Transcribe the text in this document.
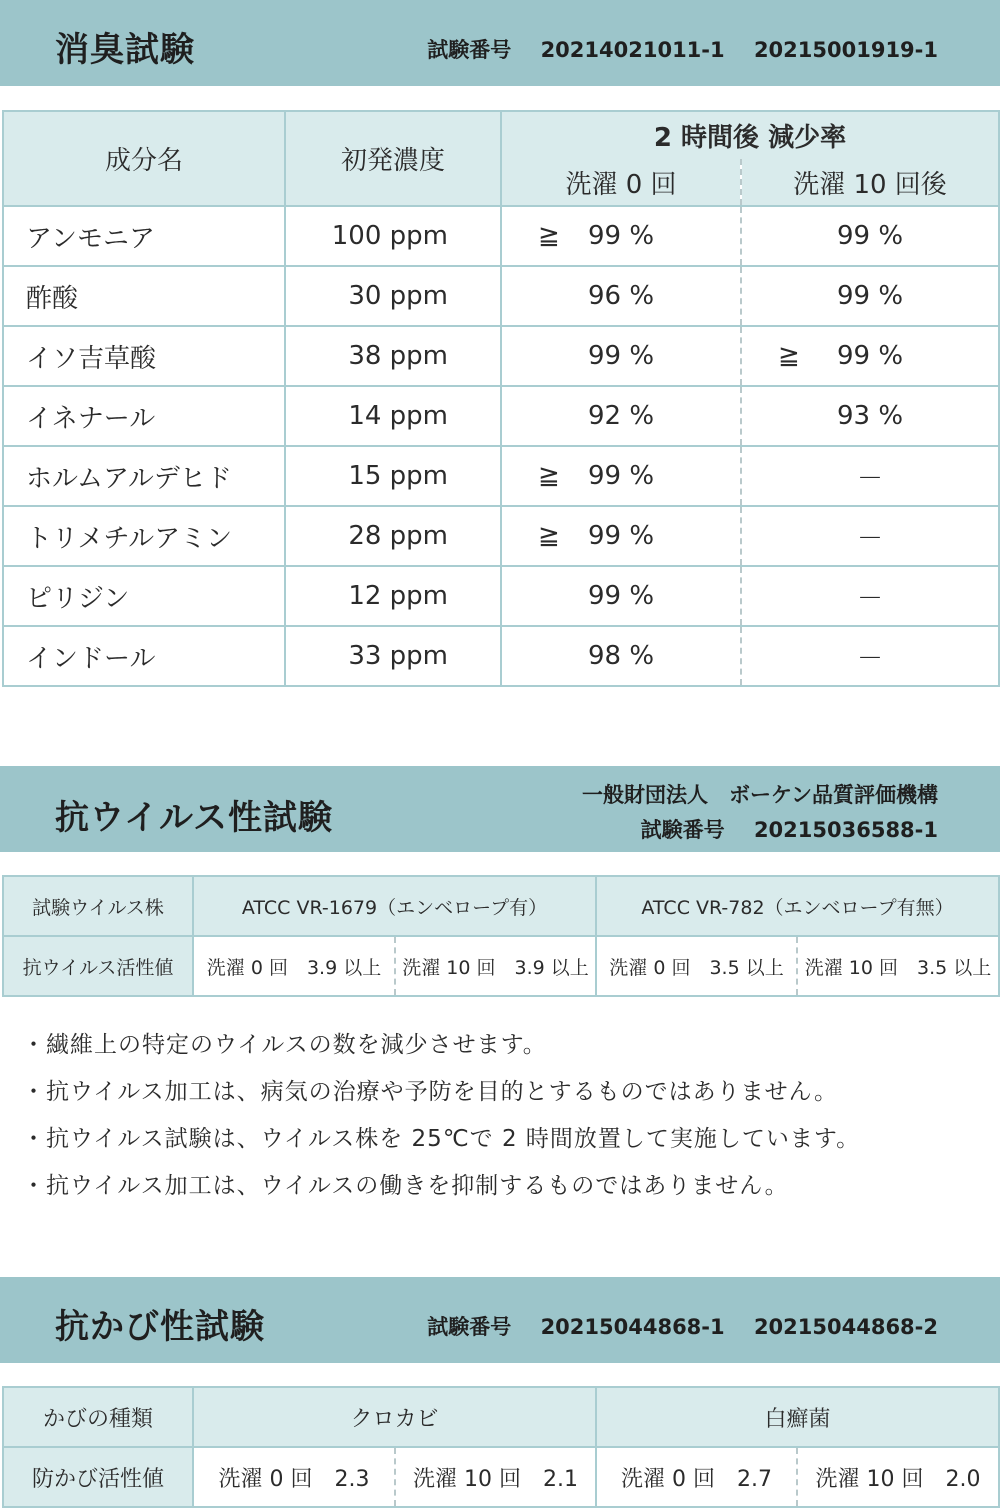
消臭試験	試験番号 20214021011-1 20215001919-1
成分名	初発濃度	2 時間後 減少率	
		洗濯 0 回	洗濯 10 回後
アンモニア	100 ppm	≧ 99 %	99 %
酢酸	30 ppm	96 %	99 %
イソ吉草酸	38 ppm	99 %	≧ 99 %
イネナール	14 ppm	92 %	93 %
ホルムアルデヒド	15 ppm	≧ 99 %	－
トリメチルアミン	28 ppm	≧ 99 %	－
ピリジン	12 ppm	99 %	－
インドール	33 ppm	98 %	－
抗ウイルス性試験
一般財団法人　ボーケン品質評価機構
試験番号 20215036588-1
試験ウイルス株	ATCC VR-1679（エンベロープ有）		ATCC VR-782（エンベロープ有無）	
抗ウイルス活性値	洗濯 0 回　3.9 以上	洗濯 10 回　3.9 以上	洗濯 0 回　3.5 以上	洗濯 10 回　3.5 以上
・ 繊維上の特定のウイルスの数を減少させます。
・ 抗ウイルス加工は、病気の治療や予防を目的とするものではありません。
・ 抗ウイルス試験は、ウイルス株を 25℃で 2 時間放置して実施しています。
・ 抗ウイルス加工は、ウイルスの働きを抑制するものではありません。
抗かび性試験	試験番号 20215044868-1 20215044868-2
かびの種類	クロカビ		白癬菌	
防かび活性値	洗濯 0 回　2.3	洗濯 10 回　2.1	洗濯 0 回　2.7	洗濯 10 回　2.0
